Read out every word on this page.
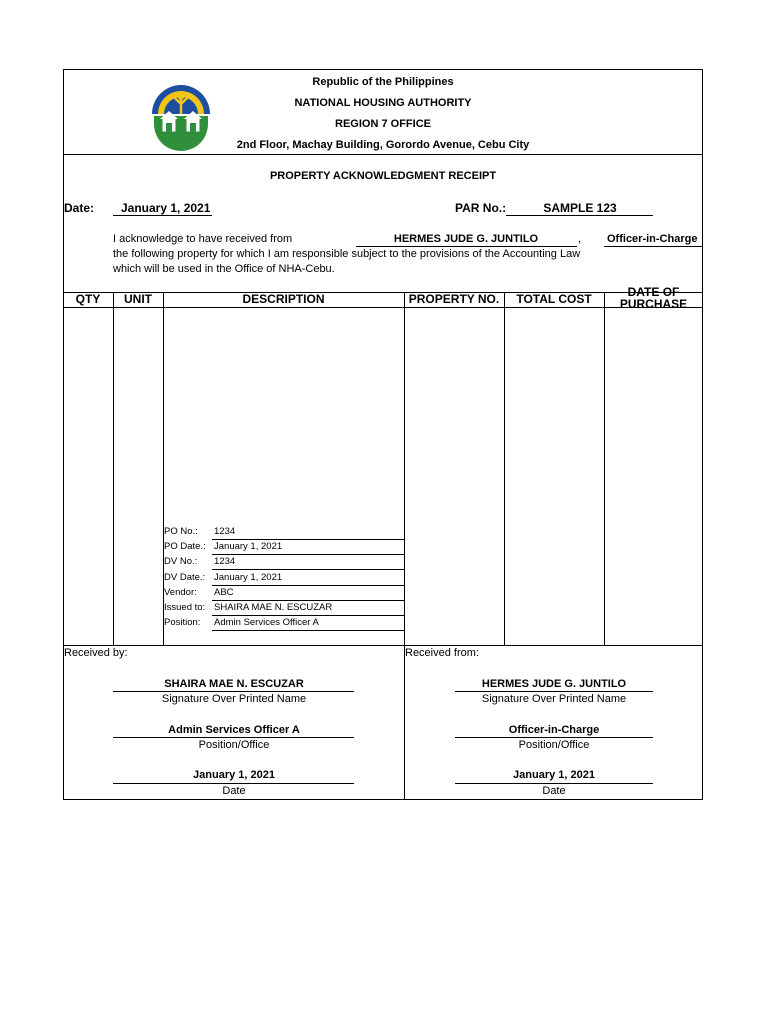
Republic of the Philippines
NATIONAL HOUSING AUTHORITY
REGION 7 OFFICE
2nd Floor, Machay Building, Gorordo Avenue, Cebu City
PROPERTY ACKNOWLEDGMENT RECEIPT
Date: January 1, 2021	PAR No.:	SAMPLE 123
I acknowledge to have received from	HERMES JUDE G. JUNTILO	, Officer-in-Charge
the following property for which I am responsible subject to the provisions of the Accounting Law
which will be used in the Office of NHA-Cebu.
QTY	UNIT	DESCRIPTION	PROPERTY NO.	TOTAL COST	DATE OF PURCHASE
PO No.: 1234
PO Date.: January 1, 2021
DV No.: 1234
DV Date.: January 1, 2021
Vendor: ABC
Issued to: SHAIRA MAE N. ESCUZAR
Position: Admin Services Officer A
Received by:
SHAIRA MAE N. ESCUZAR
Signature Over Printed Name
Admin Services Officer A
Position/Office
January 1, 2021
Date
Received from:
HERMES JUDE G. JUNTILO
Signature Over Printed Name
Officer-in-Charge
Position/Office
January 1, 2021
Date
